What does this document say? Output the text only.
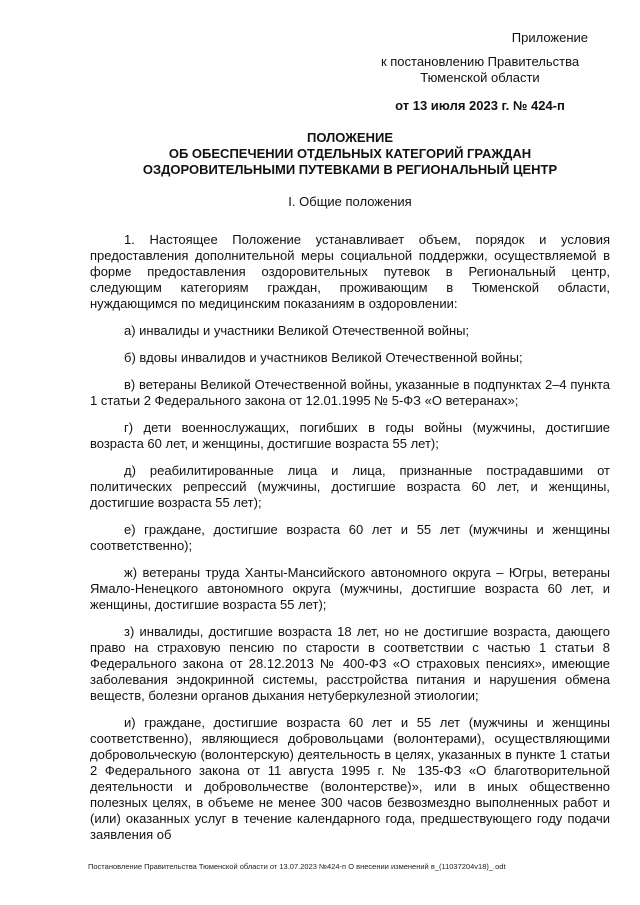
Приложение
к постановлению Правительства
Тюменской области
от 13 июля 2023 г. № 424-п
ПОЛОЖЕНИЕ
ОБ ОБЕСПЕЧЕНИИ ОТДЕЛЬНЫХ КАТЕГОРИЙ ГРАЖДАН
ОЗДОРОВИТЕЛЬНЫМИ ПУТЕВКАМИ В РЕГИОНАЛЬНЫЙ ЦЕНТР
I. Общие положения

1. Настоящее Положение устанавливает объем, порядок и условия предоставления дополнительной меры социальной поддержки, осуществляемой в форме предоставления оздоровительных путевок в Региональный центр, следующим категориям граждан, проживающим в Тюменской области, нуждающимся по медицинским показаниям в оздоровлении:

а) инвалиды и участники Великой Отечественной войны;

б) вдовы инвалидов и участников Великой Отечественной войны;

в) ветераны Великой Отечественной войны, указанные в подпунктах 2–4 пункта 1 статьи 2 Федерального закона от 12.01.1995 № 5-ФЗ «О ветеранах»;

г) дети военнослужащих, погибших в годы войны (мужчины, достигшие возраста 60 лет, и женщины, достигшие возраста 55 лет);

д) реабилитированные лица и лица, признанные пострадавшими от политических репрессий (мужчины, достигшие возраста 60 лет, и женщины, достигшие возраста 55 лет);

е) граждане, достигшие возраста 60 лет и 55 лет (мужчины и женщины соответственно);

ж) ветераны труда Ханты-Мансийского автономного округа – Югры, ветераны Ямало-Ненецкого автономного округа (мужчины, достигшие возраста 60 лет, и женщины, достигшие возраста 55 лет);

з) инвалиды, достигшие возраста 18 лет, но не достигшие возраста, дающего право на страховую пенсию по старости в соответствии с частью 1 статьи 8 Федерального закона от 28.12.2013 № 400-ФЗ «О страховых пенсиях», имеющие заболевания эндокринной системы, расстройства питания и нарушения обмена веществ, болезни органов дыхания нетуберкулезной этиологии;

и) граждане, достигшие возраста 60 лет и 55 лет (мужчины и женщины соответственно), являющиеся добровольцами (волонтерами), осуществляющими добровольческую (волонтерскую) деятельность в целях, указанных в пункте 1 статьи 2 Федерального закона от 11 августа 1995 г. № 135-ФЗ «О благотворительной деятельности и добровольчестве (волонтерстве)», или в иных общественно полезных целях, в объеме не менее 300 часов безвозмездно выполненных работ и (или) оказанных услуг в течение календарного года, предшествующего году подачи заявления об

Постановление Правительства Тюменской области от 13.07.2023 №424-п О внесении изменений в_(11037204v18)_.odt
